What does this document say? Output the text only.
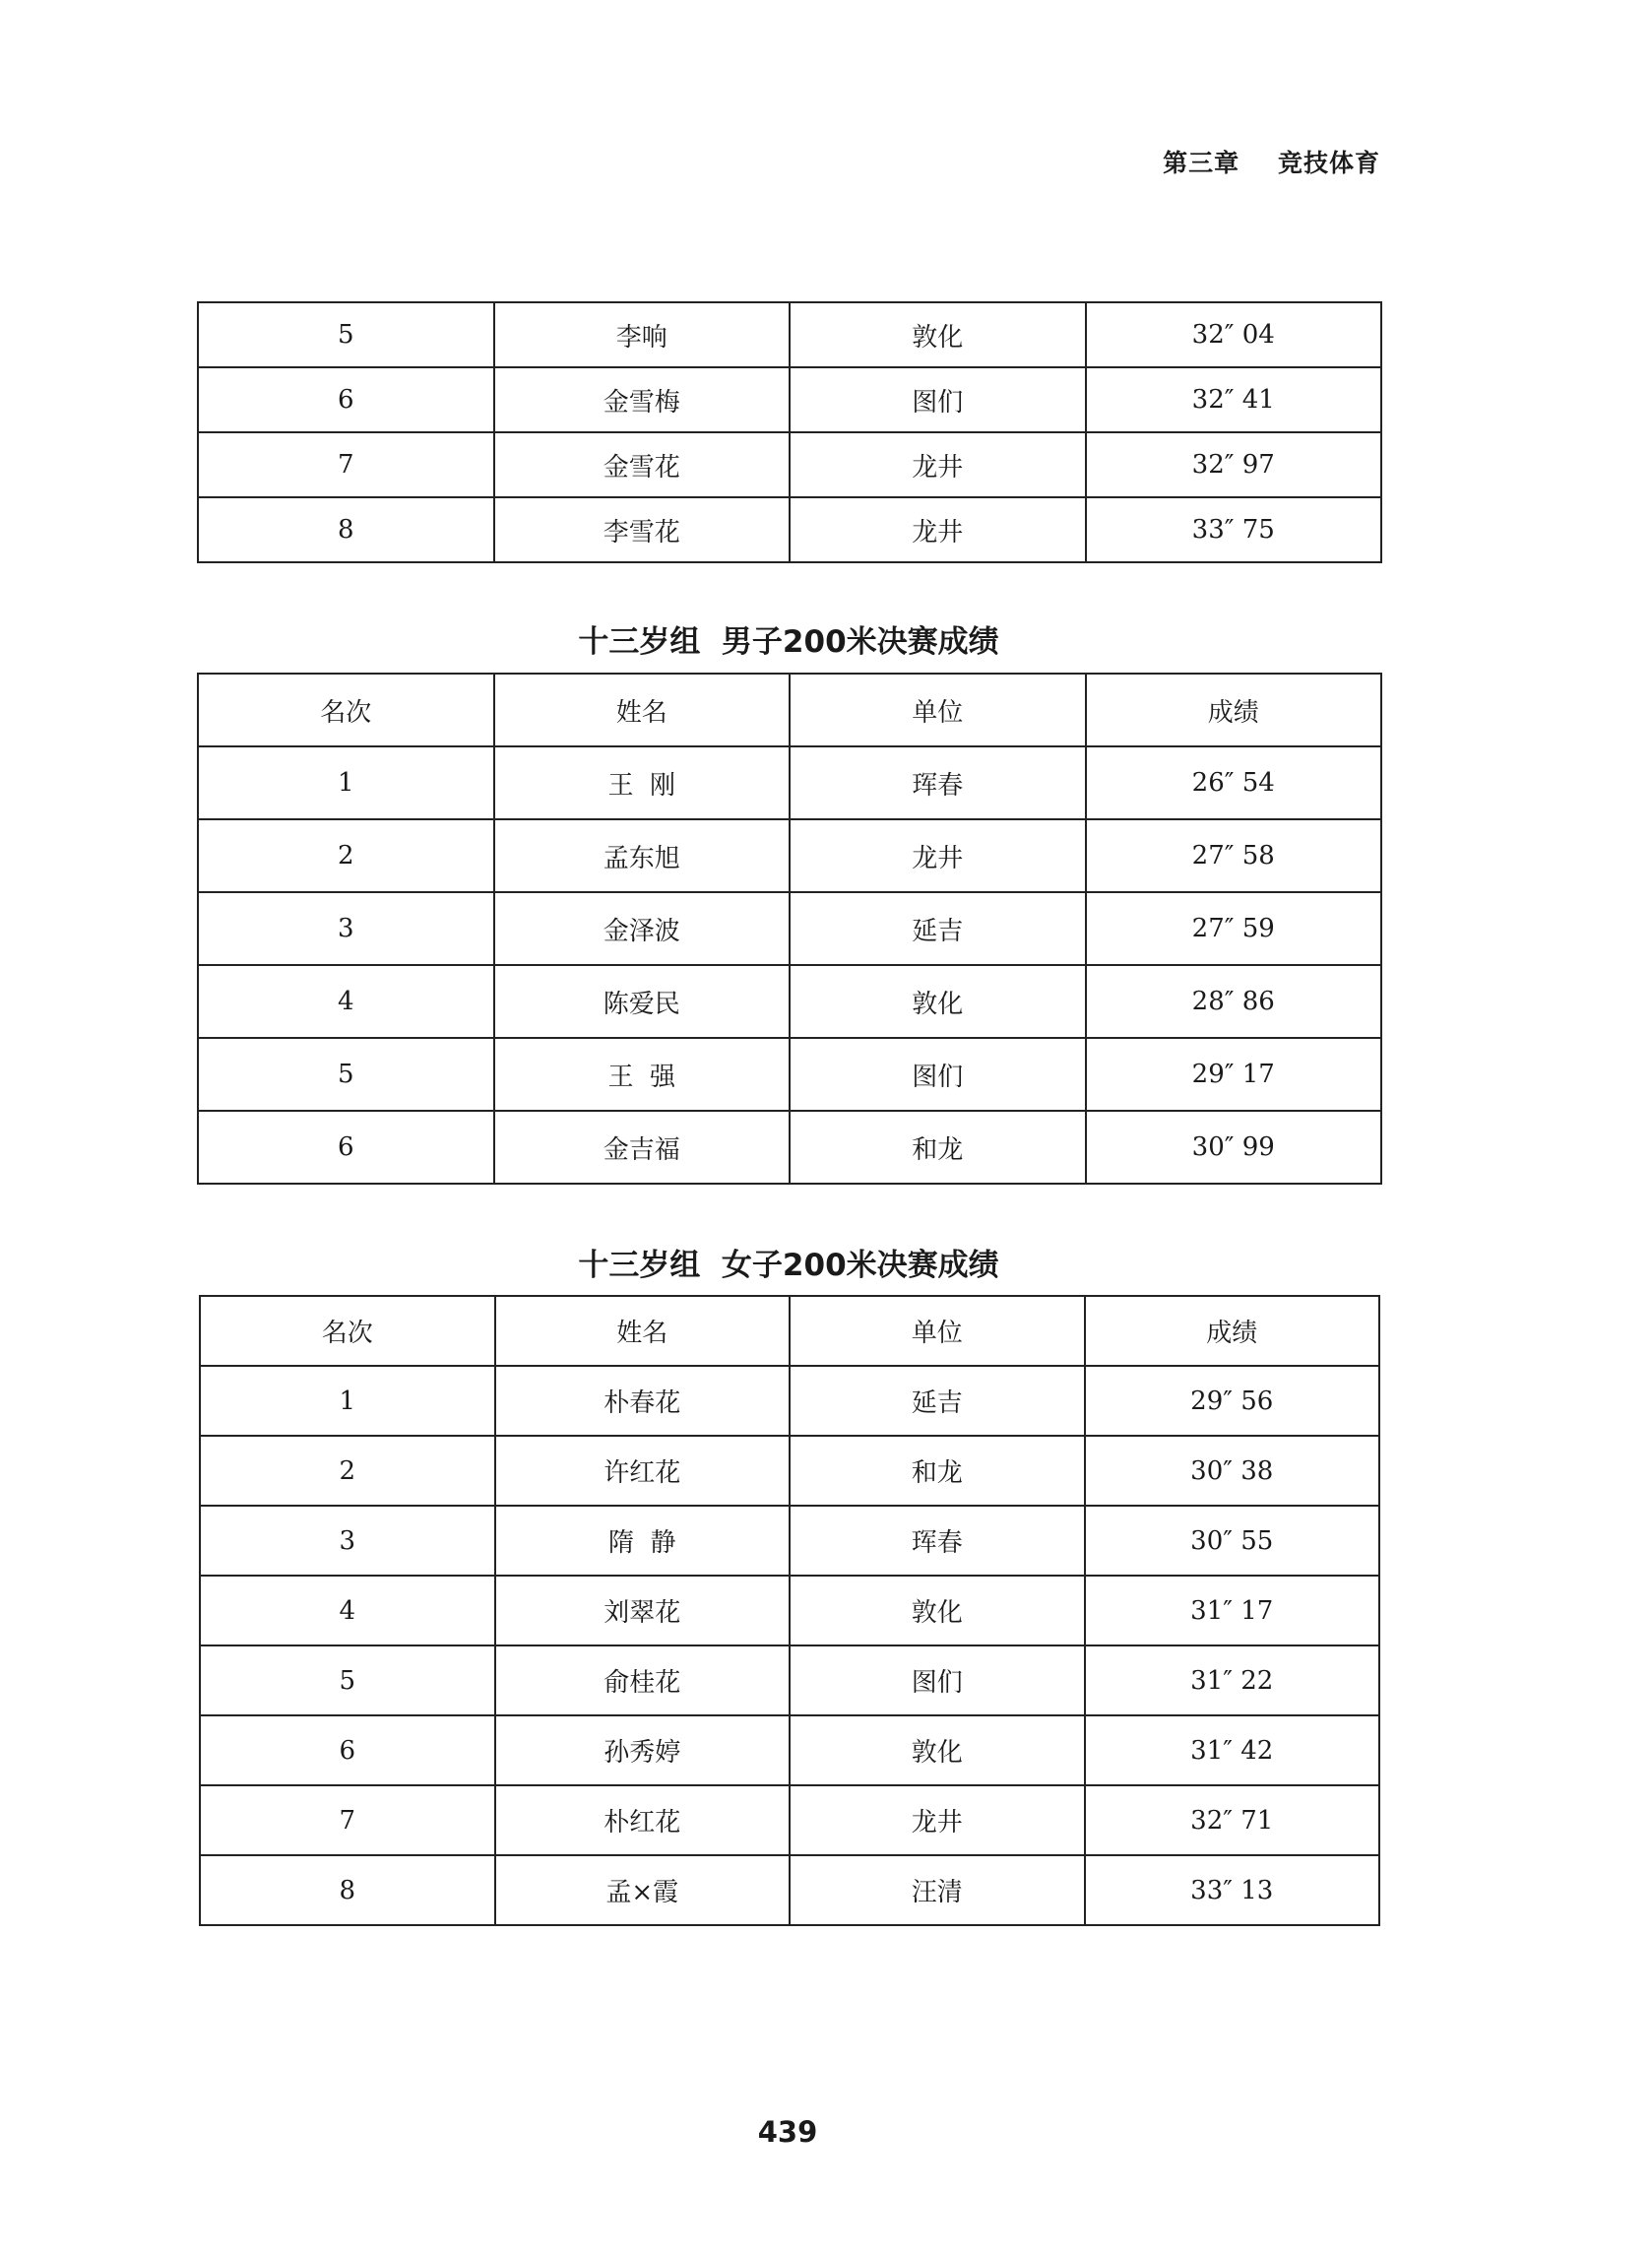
第三章    竞技体育
5	李响	敦化	32″ 04
6	金雪梅	图们	32″ 41
7	金雪花	龙井	32″ 97
8	李雪花	龙井	33″ 75
十三岁组  男子200米决赛成绩
名次	姓名	单位	成绩
1	王  刚	珲春	26″ 54
2	孟东旭	龙井	27″ 58
3	金泽波	延吉	27″ 59
4	陈爱民	敦化	28″ 86
5	王  强	图们	29″ 17
6	金吉福	和龙	30″ 99
十三岁组  女子200米决赛成绩
名次	姓名	单位	成绩
1	朴春花	延吉	29″ 56
2	许红花	和龙	30″ 38
3	隋  静	珲春	30″ 55
4	刘翠花	敦化	31″ 17
5	俞桂花	图们	31″ 22
6	孙秀婷	敦化	31″ 42
7	朴红花	龙井	32″ 71
8	孟×霞	汪清	33″ 13
439
